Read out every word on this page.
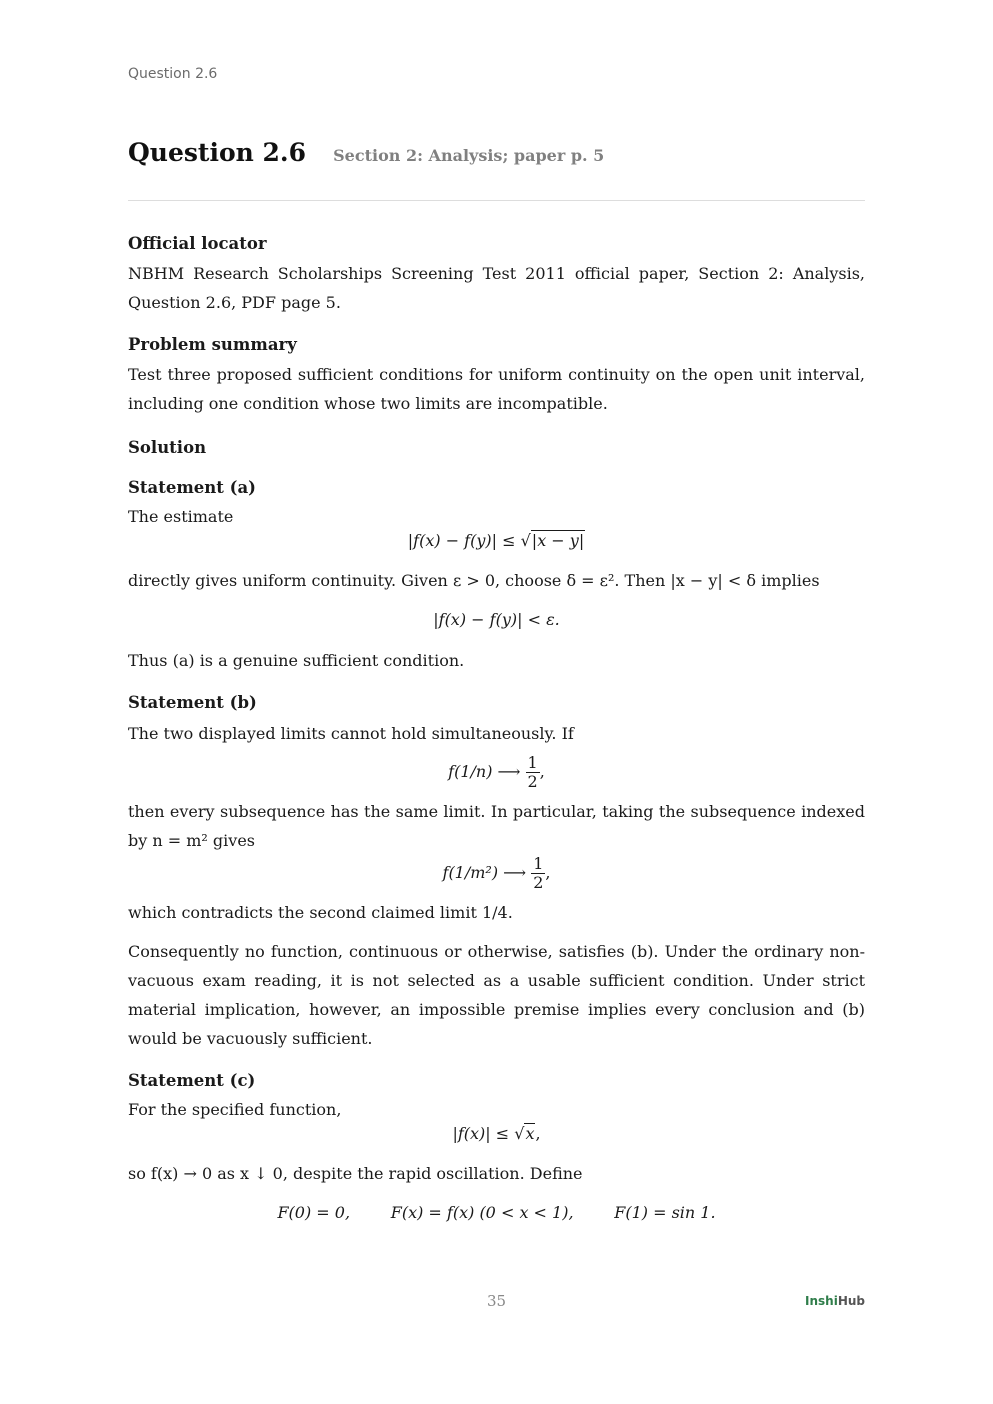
Question 2.6
Question 2.6 Section 2: Analysis; paper p. 5
Official locator

NBHM Research Scholarships Screening Test 2011 official paper, Section 2: Analysis, Question 2.6, PDF page 5.

Problem summary

Test three proposed sufficient conditions for uniform continuity on the open unit interval, including one condition whose two limits are incompatible.

Solution
Statement (a)

The estimate

|f(x) − f(y)| ≤ √|x − y|

directly gives uniform continuity. Given ε > 0, choose δ = ε². Then |x − y| < δ implies

|f(x) − f(y)| < ε.

Thus (a) is a genuine sufficient condition.

Statement (b)

The two displayed limits cannot hold simultaneously. If

f(1/n) ⟶ $\frac{1}{2}$ ,

then every subsequence has the same limit. In particular, taking the subsequence indexed by n = m² gives

f(1/m²) ⟶ $\frac{1}{2}$ ,

which contradicts the second claimed limit 1/4.

Consequently no function, continuous or otherwise, satisfies (b). Under the ordinary non-vacuous exam reading, it is not selected as a usable sufficient condition. Under strict material implication, however, an impossible premise implies every conclusion and (b) would be vacuously sufficient.

Statement (c)

For the specified function,

|f(x)| ≤ √x,

so f(x) → 0 as x ↓ 0, despite the rapid oscillation. Define

F(0) = 0,        F(x) = f(x) (0 < x < 1),        F(1) = sin 1.
35	InshiHub
